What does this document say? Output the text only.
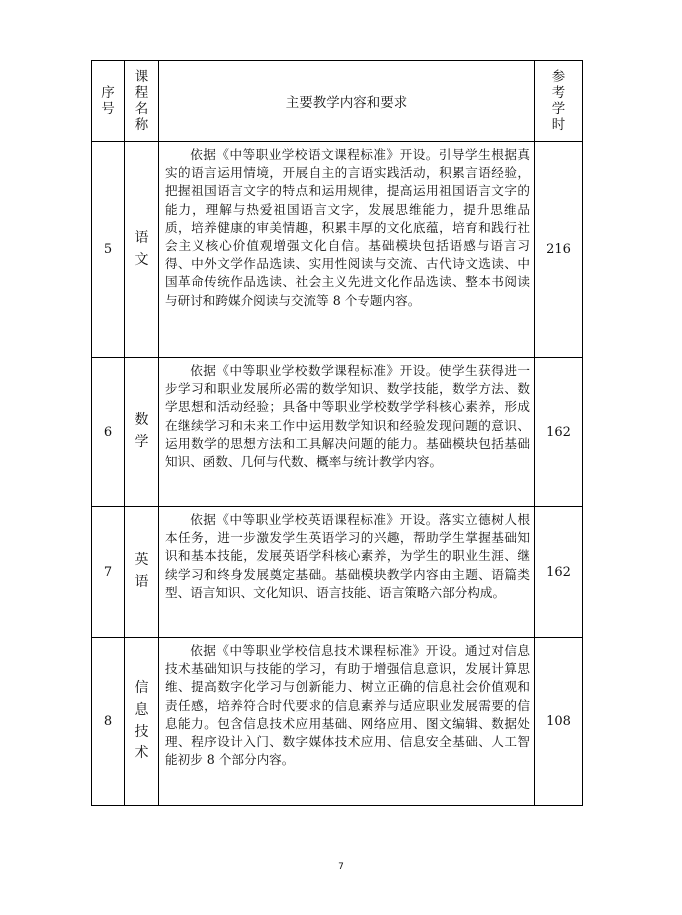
序号	课程名称	主要教学内容和要求	参考学时
5	语文	依据《中等职业学校语文课程标准》开设。引导学生根据真实的语言运用情境，开展自主的言语实践活动，积累言语经验，把握祖国语言文字的特点和运用规律，提高运用祖国语言文字的能力，理解与热爱祖国语言文字，发展思维能力，提升思维品质，培养健康的审美情趣，积累丰厚的文化底蕴，培育和践行社会主义核心价值观增强文化自信。基础模块包括语感与语言习得、中外文学作品选读、实用性阅读与交流、古代诗文选读、中国革命传统作品选读、社会主义先进文化作品选读、整本书阅读与研讨和跨媒介阅读与交流等 8 个专题内容。	216
6	数学	依据《中等职业学校数学课程标准》开设。使学生获得进一步学习和职业发展所必需的数学知识、数学技能，数学方法、数学思想和活动经验；具备中等职业学校数学学科核心素养，形成在继续学习和未来工作中运用数学知识和经验发现问题的意识、运用数学的思想方法和工具解决问题的能力。基础模块包括基础知识、函数、几何与代数、概率与统计教学内容。	162
7	英语	依据《中等职业学校英语课程标准》开设。落实立德树人根本任务，进一步激发学生英语学习的兴趣，帮助学生掌握基础知识和基本技能，发展英语学科核心素养，为学生的职业生涯、继续学习和终身发展奠定基础。基础模块教学内容由主题、语篇类型、语言知识、文化知识、语言技能、语言策略六部分构成。	162
8	信息技术	依据《中等职业学校信息技术课程标准》开设。通过对信息技术基础知识与技能的学习，有助于增强信息意识，发展计算思维、提高数字化学习与创新能力、树立正确的信息社会价值观和责任感，培养符合时代要求的信息素养与适应职业发展需要的信息能力。包含信息技术应用基础、网络应用、图文编辑、数据处理、程序设计入门、数字媒体技术应用、信息安全基础、人工智能初步 8 个部分内容。	108
7
